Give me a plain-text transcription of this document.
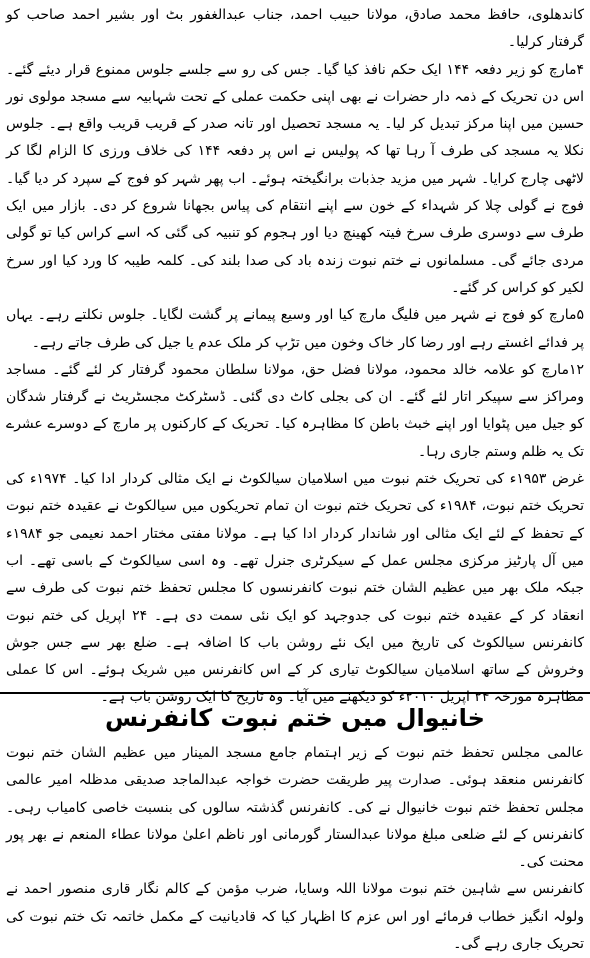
کاندھلوی، حافظ محمد صادق، مولانا حبیب احمد، جناب عبدالغفور بٹ اور بشیر احمد صاحب کو گرفتار کرلیا۔

۴مارچ کو زیر دفعہ ۱۴۴ ایک حکم نافذ کیا گیا۔ جس کی رو سے جلسے جلوس ممنوع قرار دیئے گئے۔ اس دن تحریک کے ذمہ دار حضرات نے بھی اپنی حکمت عملی کے تحت شہابیہ سے مسجد مولوی نور حسین میں اپنا مرکز تبدیل کر لیا۔ یہ مسجد تحصیل اور تانہ صدر کے قریب قریب واقع ہے۔ جلوس نکلا یہ مسجد کی طرف آ رہا تھا کہ پولیس نے اس پر دفعہ ۱۴۴ کی خلاف ورزی کا الزام لگا کر لاٹھی چارج کرایا۔ شہر میں مزید جذبات برانگیختہ ہوئے۔ اب پھر شہر کو فوج کے سپرد کر دیا گیا۔ فوج نے گولی چلا کر شہداء کے خون سے اپنے انتقام کی پیاس بجھانا شروع کر دی۔ بازار میں ایک طرف سے دوسری طرف سرخ فیتہ کھینچ دیا اور ہجوم کو تنبیہ کی گئی کہ اسے کراس کیا تو گولی مردی جائے گی۔ مسلمانوں نے ختم نبوت زندہ باد کی صدا بلند کی۔ کلمہ طیبہ کا ورد کیا اور سرخ لکیر کو کراس کر گئے۔

۵مارچ کو فوج نے شہر میں فلیگ مارچ کیا اور وسیع پیمانے پر گشت لگایا۔ جلوس نکلتے رہے۔ یہاں پر فدائے اغستے رہے اور رضا کار خاک وخون میں تڑپ کر ملک عدم یا جیل کی طرف جاتے رہے۔

۱۲مارچ کو علامہ خالد محمود، مولانا فضل حق، مولانا سلطان محمود گرفتار کر لئے گئے۔ مساجد ومراکز سے سپیکر اتار لئے گئے۔ ان کی بجلی کاٹ دی گئی۔ ڈسٹرکٹ مجسٹریٹ نے گرفتار شدگان کو جیل میں پٹوایا اور اپنے خبث باطن کا مظاہرہ کیا۔ تحریک کے کارکنوں پر مارچ کے دوسرے عشرے تک یہ ظلم وستم جاری رہا۔

غرض ۱۹۵۳ء کی تحریک ختم نبوت میں اسلامیان سیالکوٹ نے ایک مثالی کردار ادا کیا۔ ۱۹۷۴ء کی تحریک ختم نبوت، ۱۹۸۴ء کی تحریک ختم نبوت ان تمام تحریکوں میں سیالکوٹ نے عقیدہ ختم نبوت کے تحفظ کے لئے ایک مثالی اور شاندار کردار ادا کیا ہے۔ مولانا مفتی مختار احمد نعیمی جو ۱۹۸۴ء میں آل پارٹیز مرکزی مجلس عمل کے سیکرٹری جنرل تھے۔ وہ اسی سیالکوٹ کے باسی تھے۔ اب جبکہ ملک بھر میں عظیم الشان ختم نبوت کانفرنسوں کا مجلس تحفظ ختم نبوت کی طرف سے انعقاد کر کے عقیدہ ختم نبوت کی جدوجہد کو ایک نئی سمت دی ہے۔ ۲۴ اپریل کی ختم نبوت کانفرنس سیالکوٹ کی تاریخ میں ایک نئے روشن باب کا اضافہ ہے۔ ضلع بھر سے جس جوش وخروش کے ساتھ اسلامیان سیالکوٹ تیاری کر کے اس کانفرنس میں شریک ہوئے۔ اس کا عملی مظاہرہ مورخہ ۲۴ اپریل ۲۰۱۰ء کو دیکھنے میں آیا۔ وہ تاریخ کا ایک روشن باب ہے۔

خانیوال میں ختم نبوت کانفرنس

عالمی مجلس تحفظ ختم نبوت کے زیر اہتمام جامع مسجد المینار میں عظیم الشان ختم نبوت کانفرنس منعقد ہوئی۔ صدارت پیر طریقت حضرت خواجہ عبدالماجد صدیقی مدظلہ امیر عالمی مجلس تحفظ ختم نبوت خانیوال نے کی۔ کانفرنس گذشتہ سالوں کی بنسبت خاصی کامیاب رہی۔ کانفرنس کے لئے ضلعی مبلغ مولانا عبدالستار گورمانی اور ناظم اعلیٰ مولانا عطاء المنعم نے بھر پور محنت کی۔

کانفرنس سے شاہین ختم نبوت مولانا اللہ وسایا، ضرب مؤمن کے کالم نگار قاری منصور احمد نے ولولہ انگیز خطاب فرمائے اور اس عزم کا اظہار کیا کہ قادیانیت کے مکمل خاتمہ تک ختم نبوت کی تحریک جاری رہے گی۔
